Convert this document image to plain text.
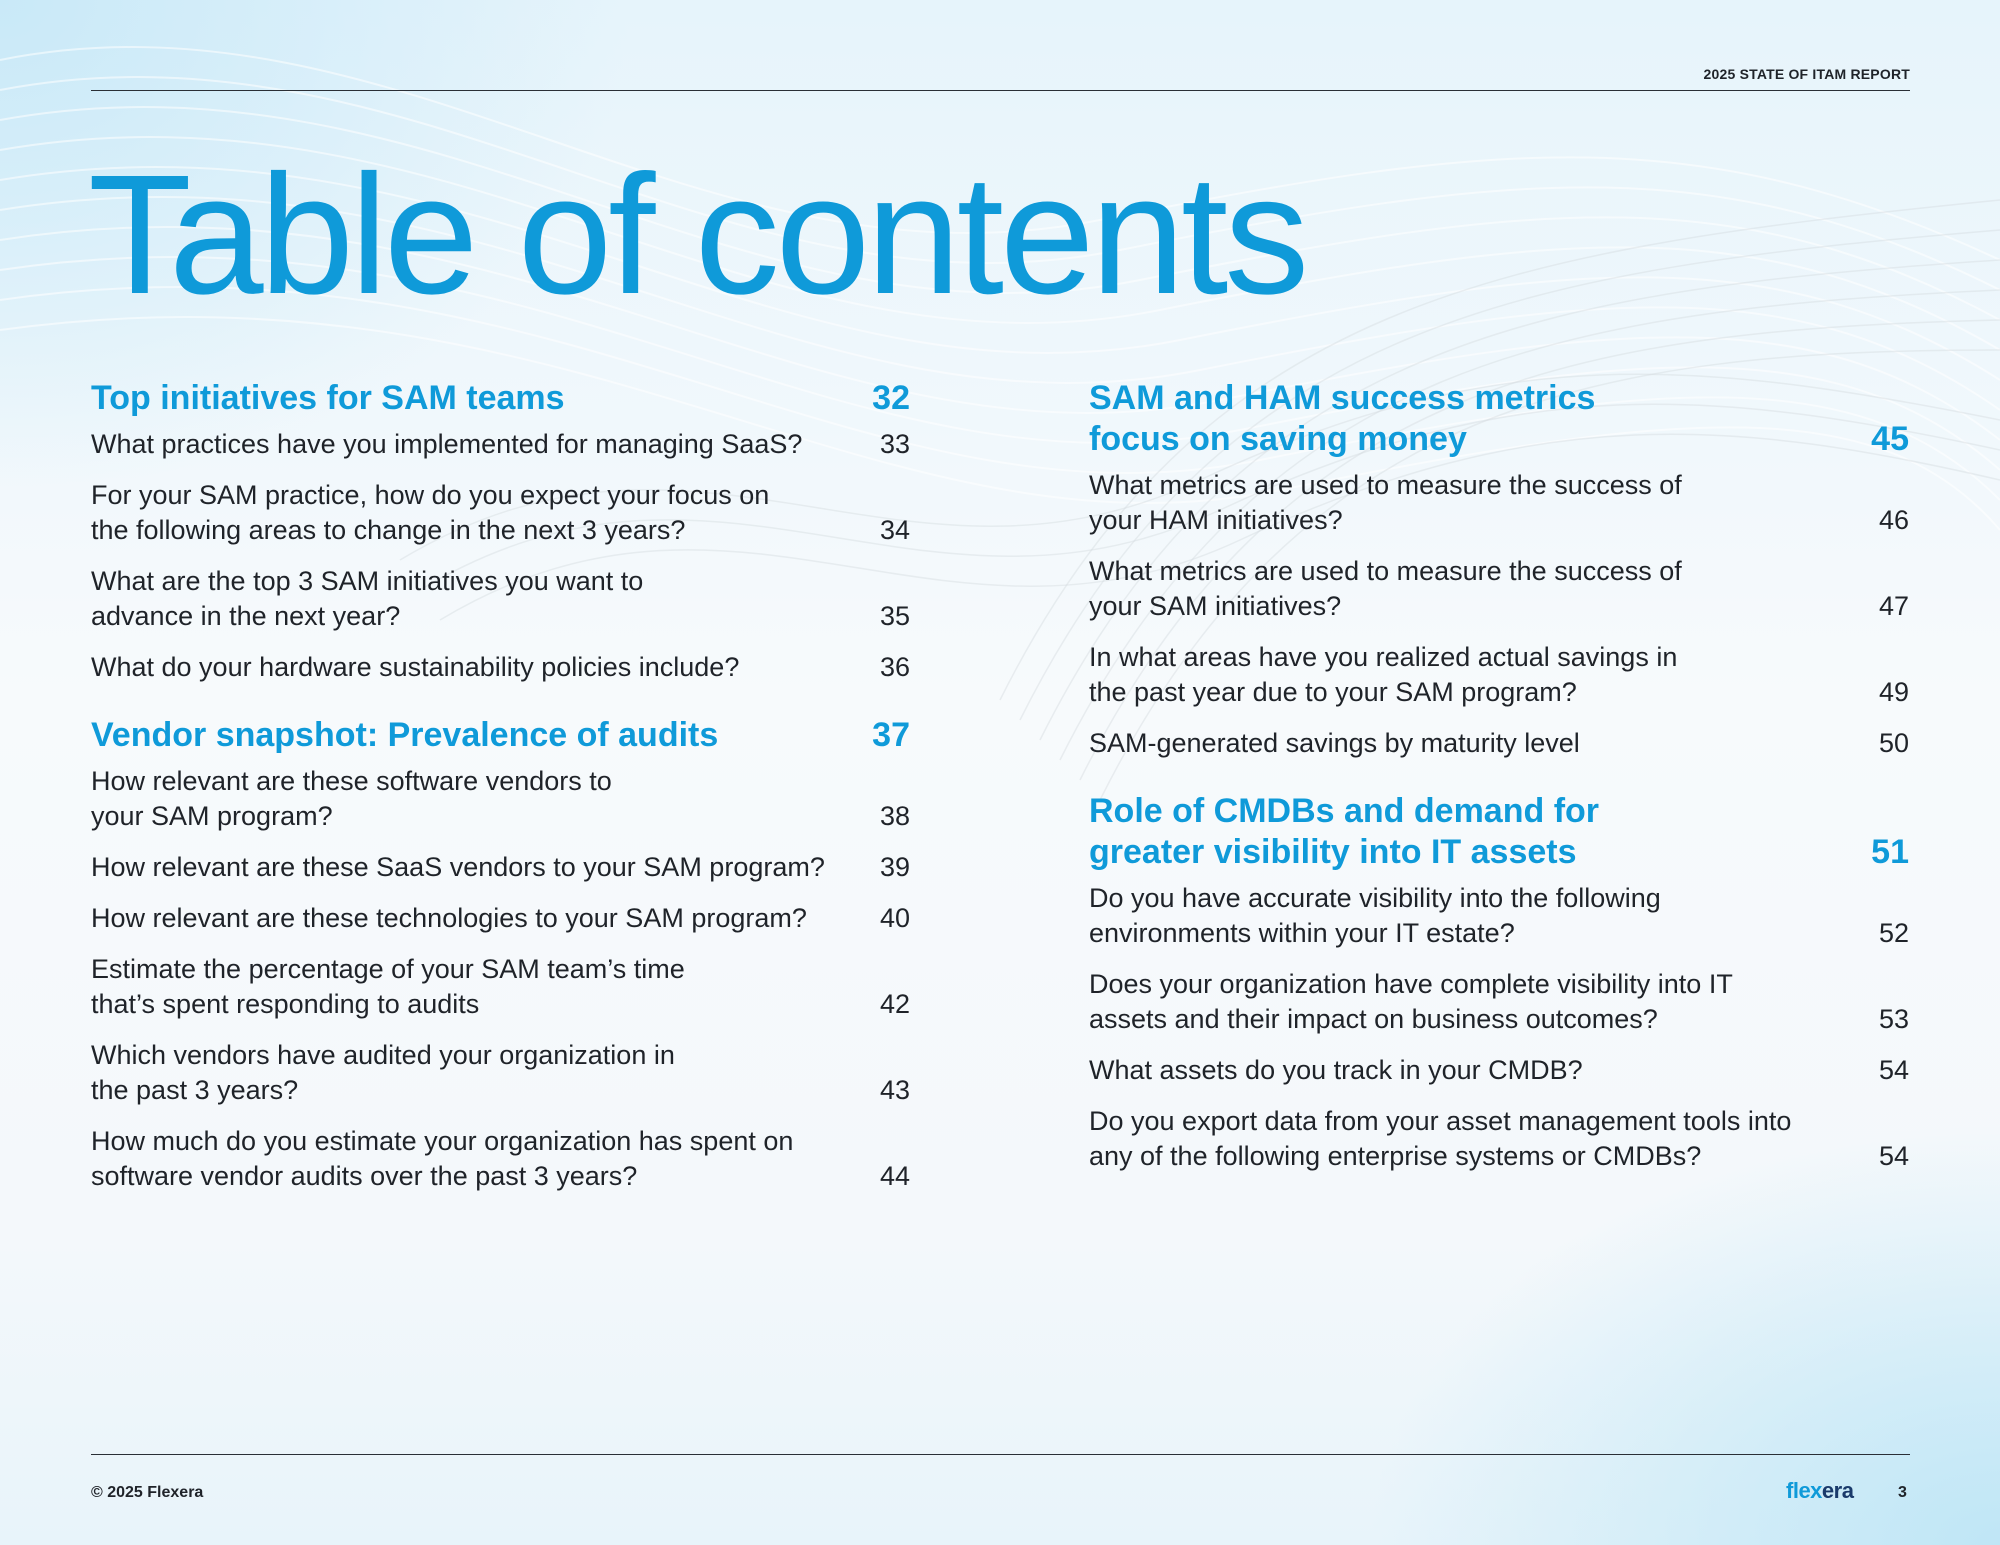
2025 STATE OF ITAM REPORT
Table of contents
Top initiatives for SAM teams	32
What practices have you implemented for managing SaaS?	33
For your SAM practice, how do you expect your focus on the following areas to change in the next 3 years?	34
What are the top 3 SAM initiatives you want to advance in the next year?	35
What do your hardware sustainability policies include?	36
Vendor snapshot: Prevalence of audits	37
How relevant are these software vendors to your SAM program?	38
How relevant are these SaaS vendors to your SAM program? 39
How relevant are these technologies to your SAM program?	40
Estimate the percentage of your SAM team’s time that’s spent responding to audits	42
Which vendors have audited your organization in the past 3 years?	43
How much do you estimate your organization has spent on software vendor audits over the past 3 years?	44
SAM and HAM success metrics focus on saving money	45
What metrics are used to measure the success of your HAM initiatives?	46
What metrics are used to measure the success of your SAM initiatives?	47
In what areas have you realized actual savings in the past year due to your SAM program?	49
SAM-generated savings by maturity level	50
Role of CMDBs and demand for greater visibility into IT assets	51
Do you have accurate visibility into the following environments within your IT estate?	52
Does your organization have complete visibility into IT assets and their impact on business outcomes?	53
What assets do you track in your CMDB?	54
Do you export data from your asset management tools into any of the following enterprise systems or CMDBs?	54
© 2025 Flexera	flexera	3
